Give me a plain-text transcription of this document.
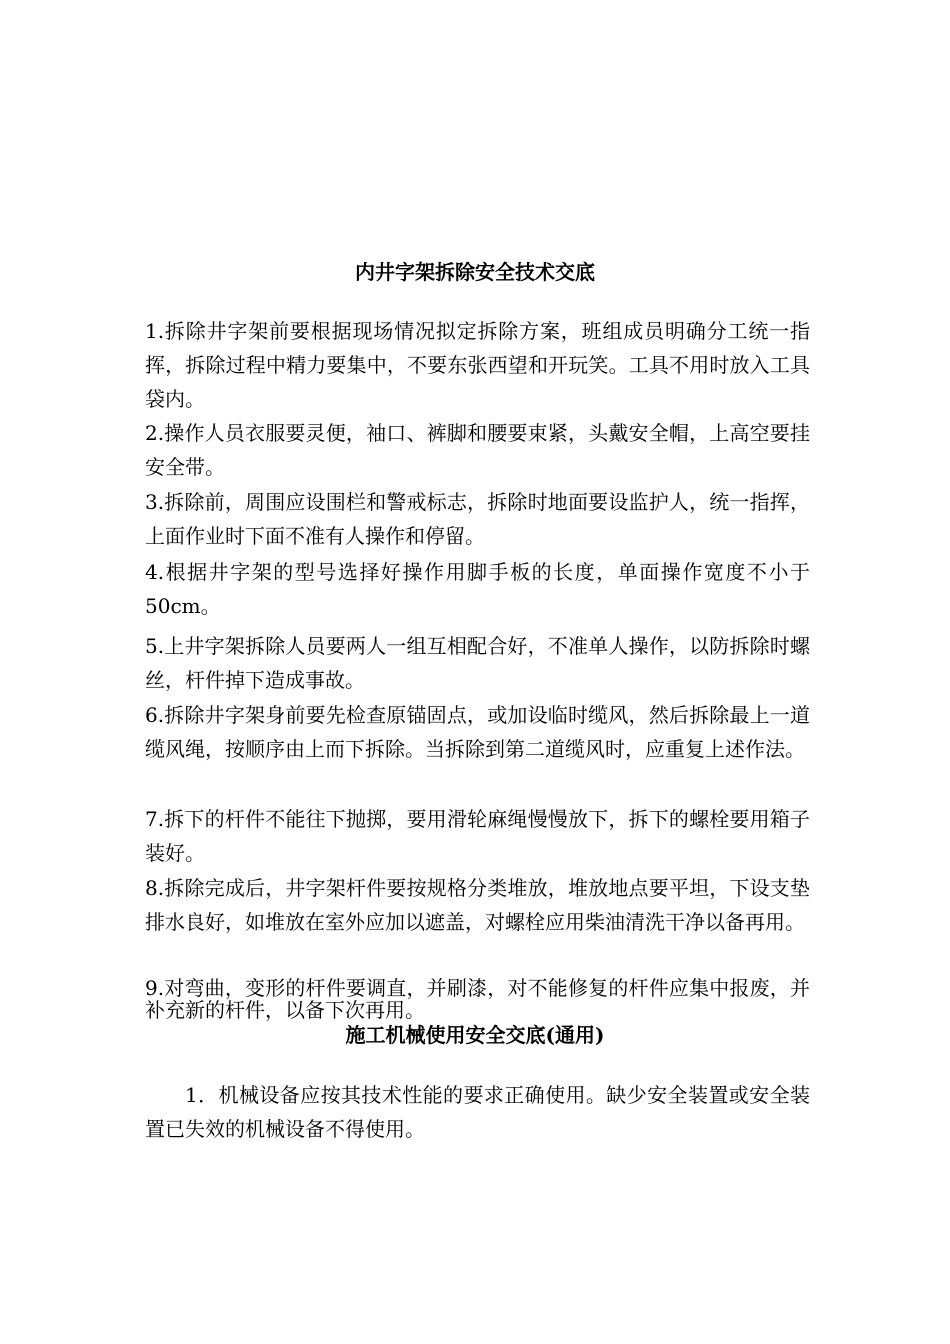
内井字架拆除安全技术交底
1.拆除井字架前要根据现场情况拟定拆除方案，班组成员明确分工统一指挥，拆除过程中精力要集中，不要东张西望和开玩笑。工具不用时放入工具袋内。
2.操作人员衣服要灵便，袖口、裤脚和腰要束紧，头戴安全帽，上高空要挂安全带。
3.拆除前，周围应设围栏和警戒标志，拆除时地面要设监护人，统一指挥，上面作业时下面不准有人操作和停留。
4.根据井字架的型号选择好操作用脚手板的长度，单面操作宽度不小于 50cm。
5.上井字架拆除人员要两人一组互相配合好，不准单人操作，以防拆除时螺丝，杆件掉下造成事故。
6.拆除井字架身前要先检查原锚固点，或加设临时缆风，然后拆除最上一道缆风绳，按顺序由上而下拆除。当拆除到第二道缆风时，应重复上述作法。
7.拆下的杆件不能往下抛掷，要用滑轮麻绳慢慢放下，拆下的螺栓要用箱子装好。
8.拆除完成后，井字架杆件要按规格分类堆放，堆放地点要平坦，下设支垫排水良好，如堆放在室外应加以遮盖，对螺栓应用柴油清洗干净以备再用。
9.对弯曲，变形的杆件要调直，并刷漆，对不能修复的杆件应集中报废，并补充新的杆件，以备下次再用。
施工机械使用安全交底(通用)
1．机械设备应按其技术性能的要求正确使用。缺少安全装置或安全装置已失效的机械设备不得使用。
